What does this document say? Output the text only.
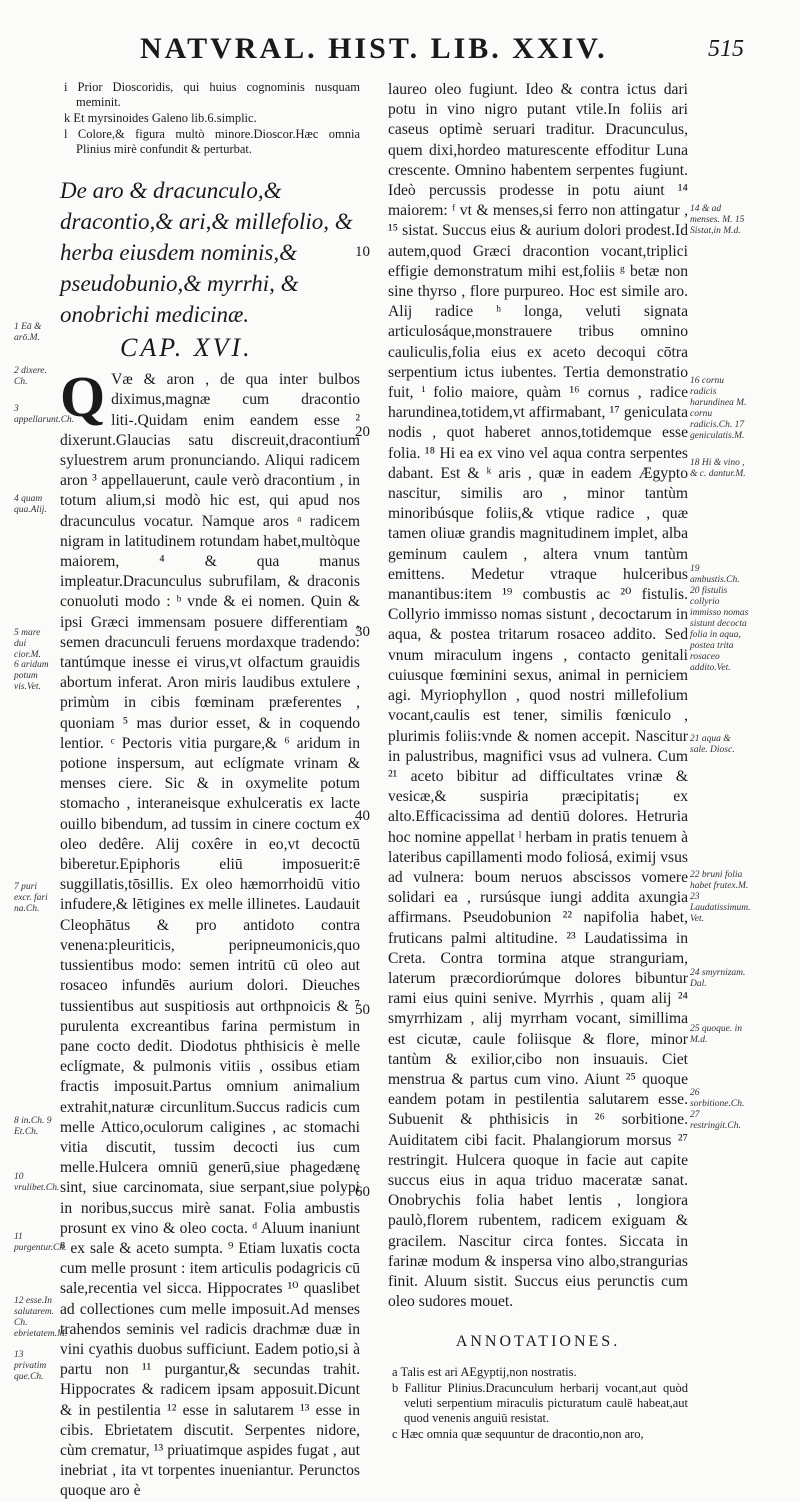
NATVRAL. HIST. LIB. XXIV.	515

i Prior Dioscoridis, qui huius cognominis nusquam meminit.

k Et myrsinoides Galeno lib.6.simplic.

l Colore,& figura multò minore.Dioscor.Hæc omnia Plinius mirè confundit & perturbat.

De aro & dracunculo,& dracontio,& ari,& millefolio, & herba eiusdem nominis,& pseudobunio,& myrrhi, & onobrichi medicinæ.
CAP. XVI.

Q Væ & aron , de qua inter bulbos diximus,magnæ cum dracontio liti-.Quidam enim eandem esse ² dixerunt.Glaucias satu discreuit,dracontium syluestrem arum pronunciando. Aliqui radicem aron ³ appellauerunt, caule verò dracontium , in totum alium,si modò hic est, qui apud nos dracunculus vocatur. Namque aros ᵃ radicem nigram in latitudinem rotundam habet,multòque maiorem, ⁴ & qua manus impleatur.Dracunculus subrufilam, & draconis conuoluti modo : ᵇ vnde & ei nomen. Quin & ipsi Græci immensam posuere differentiam , semen dracunculi feruens mordaxque tradendo: tantúmque inesse ei virus,vt olfactum grauidis abortum inferat. Aron miris laudibus extulere , primùm in cibis fœminam præferentes , quoniam ⁵ mas durior esset, & in coquendo lentior. ᶜ Pectoris vitia purgare,& ⁶ aridum in potione inspersum, aut eclígmate vrinam & menses ciere. Sic & in oxymelite potum stomacho , interaneisque exhulceratis ex lacte ouillo bibendum, ad tussim in cinere coctum ex oleo dedêre. Alij coxêre in eo,vt decoctū biberetur.Epiphoris eliū imposuerit:ē suggillatis,tōsillis. Ex oleo hæmorrhoidū vitio infudere,& lētigines ex melle illinetes. Laudauit Cleophātus & pro antidoto contra venena:pleuriticis, peripneumonicis,quo tussientibus modo: semen intritū cū oleo aut rosaceo infundēs aurium dolori. Dieuches tussientibus aut suspitiosis aut orthpnoicis & ⁷ purulenta excreantibus farina permistum in pane cocto dedit. Diodotus phthisicis è melle eclígmate, & pulmonis vitiis , ossibus etiam fractis imposuit.Partus omnium animalium extrahit,naturæ circunlitum.Succus radicis cum melle Attico,oculorum caligines , ac stomachi vitia discutit, tussim decocti ius cum melle.Hulcera omniū generū,siue phagedænę sint, siue carcinomata, siue serpant,siue polypi in noribus,succus mirè sanat. Folia ambustis prosunt ex vino & oleo cocta. ᵈ Aluum inaniunt ⁸ ex sale & aceto sumpta. ⁹ Etiam luxatis cocta cum melle prosunt : item articulis podagricis cū sale,recentia vel sicca. Hippocrates ¹⁰ quaslibet ad collectiones cum melle imposuit.Ad menses trahendos seminis vel radicis drachmæ duæ in vini cyathis duobus sufficiunt. Eadem potio,si à partu non ¹¹ purgantur,& secundas trahit. Hippocrates & radicem ipsam apposuit.Dicunt & in pestilentia ¹² esse in salutarem ¹³ esse in cibis. Ebrietatem discutit. Serpentes nidore, cùm crematur, ¹³ priuatimque aspides fugat , aut inebriat , ita vt torpentes inueniantur. Perunctos quoque aro è

laureo oleo fugiunt. Ideo & contra ictus dari potu in vino nigro putant vtile.In foliis ari caseus optimè seruari traditur. Dracunculus, quem dixi,hordeo maturescente effoditur Luna crescente. Omnino habentem serpentes fugiunt. Ideò percussis prodesse in potu aiunt ¹⁴ maiorem: ᶠ vt & menses,si ferro non attingatur , ¹⁵ sistat. Succus eius & aurium dolori prodest.Id autem,quod Græci dracontion vocant,triplici effigie demonstratum mihi est,foliis ᵍ betæ non sine thyrso , flore purpureo. Hoc est simile aro. Alij radice ʰ longa, veluti signata articulosáque,monstrauere tribus omnino cauliculis,folia eius ex aceto decoqui cōtra serpentium ictus iubentes. Tertia demonstratio fuit, ⁱ folio maiore, quàm ¹⁶ cornus , radice harundinea,totidem,vt affirmabant, ¹⁷ geniculata nodis , quot haberet annos,totidemque esse folia. ¹⁸ Hi ea ex vino vel aqua contra serpentes dabant. Est & ᵏ aris , quæ in eadem Ægypto nascitur, similis aro , minor tantùm minoribúsque foliis,& vtique radice , quæ tamen oliuæ grandis magnitudinem implet, alba geminum caulem , altera vnum tantùm emittens. Medetur vtraque hulceribus manantibus:item ¹⁹ combustis ac ²⁰ fistulis. Collyrio immisso nomas sistunt , decoctarum in aqua, & postea tritarum rosaceo addito. Sed vnum miraculum ingens , contacto genitali cuiusque fœminini sexus, animal in perniciem agi. Myriophyllon , quod nostri millefolium vocant,caulis est tener, similis fœniculo , plurimis foliis:vnde & nomen accepit. Nascitur in palustribus, magnifici vsus ad vulnera. Cum ²¹ aceto bibitur ad difficultates vrinæ & vesicæ,& suspiria præcipitatis¡ ex alto.Efficacissima ad dentiū dolores. Hetruria hoc nomine appellat ˡ herbam in pratis tenuem à lateribus capillamenti modo foliosá, eximij vsus ad vulnera: boum neruos abscissos vomere solidari ea , rursúsque iungi addita axungia affirmans. Pseudobunion ²² napifolia habet, fruticans palmi altitudine. ²³ Laudatissima in Creta. Contra tormina atque stranguriam, laterum præcordiorúmque dolores bibuntur rami eius quini senive. Myrrhis , quam alij ²⁴ smyrrhizam , alij myrrham vocant, simillima est cicutæ, caule foliisque & flore, minor tantùm & exilior,cibo non insuauis. Ciet menstrua & partus cum vino. Aiunt ²⁵ quoque eandem potam in pestilentia salutarem esse. Subuenit & phthisicis in ²⁶ sorbitione. Auiditatem cibi facit. Phalangiorum morsus ²⁷ restringit. Hulcera quoque in facie aut capite succus eius in aqua triduo maceratæ sanat. Onobrychis folia habet lentis , longiora paulò,florem rubentem, radicem exiguam & gracilem. Nascitur circa fontes. Siccata in farinæ modum & inspersa vino albo,strangurias finit. Aluum sistit. Succus eius perunctis cum oleo sudores mouet.

ANNOTATIONES.

a Talis est ari AEgyptij,non nostratis.

b Fallitur Plinius.Dracunculum herbarij vocant,aut quòd veluti serpentium miraculis picturatum caulē habeat,aut quod venenis anguiū resistat.

c Hæc omnia quæ sequuntur de dracontio,non aro,

10
20
30
40
50
60
1 Eā & arō.M.
2 dixere. Ch.
3 appellarunt.Ch.
4 quam qua.Alij.
5 mare dui cior.M.
6 aridum potum vis.Vet.
7 puri excr. fari na.Ch.
8 in.Ch. 9 Et.Ch.
10 vrulibet.Ch.
11 purgentur.Ch.
12 esse.In salutarem. Ch. ebrietatem.M.
13 privatim que.Ch.
14 & ad menses. M. 15 Sistat,in M.d.
16 cornu radicis harundinea M. cornu radicis.Ch. 17 geniculatis.M.
18 Hi & vino , & c. dantur.M.
19 ambustis.Ch. 20 fistulis collyrio immisso nomas sistunt decocta folia in aqua, postea trita rosaceo addito.Vet.
21 aqua & sale. Diosc.
22 bruni folia habet frutex.M. 23 Laudatissimum. Vet.
24 smyrnizam. Dal.
25 quoque. in M.d.
26 sorbitione.Ch. 27 restringit.Ch.
